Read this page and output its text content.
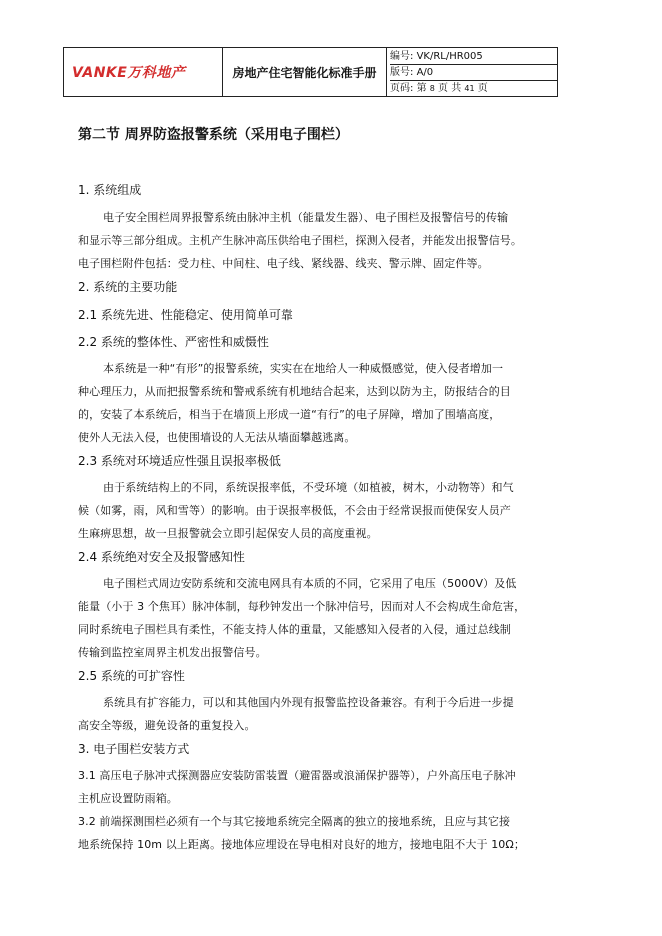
VANKE万科地产	房地产住宅智能化标准手册	
编号: VK/RL/HR005
版号: A/0
页码: 第 8 页 共 41 页
第二节 周界防盗报警系统（采用电子围栏）
1. 系统组成
电子安全围栏周界报警系统由脉冲主机（能量发生器）、电子围栏及报警信号的传输
和显示等三部分组成。主机产生脉冲高压供给电子围栏，探测入侵者，并能发出报警信号。
电子围栏附件包括：受力柱、中间柱、电子线、紧线器、线夹、警示牌、固定件等。
2. 系统的主要功能
2.1 系统先进、性能稳定、使用简单可靠
2.2 系统的整体性、严密性和威慑性
本系统是一种“有形”的报警系统，实实在在地给人一种威慑感觉，使入侵者增加一
种心理压力，从而把报警系统和警戒系统有机地结合起来，达到以防为主，防报结合的目
的，安装了本系统后，相当于在墙顶上形成一道“有行”的电子屏障，增加了围墙高度，
使外人无法入侵，也使围墙设的人无法从墙面攀越逃离。
2.3 系统对环境适应性强且误报率极低
由于系统结构上的不同，系统误报率低，不受环境（如植被，树木，小动物等）和气
候（如雾，雨，风和雪等）的影响。由于误报率极低，不会由于经常误报而使保安人员产
生麻痹思想，故一旦报警就会立即引起保安人员的高度重视。
2.4 系统绝对安全及报警感知性
电子围栏式周边安防系统和交流电网具有本质的不同，它采用了电压（5000V）及低
能量（小于 3 个焦耳）脉冲体制，每秒钟发出一个脉冲信号，因而对人不会构成生命危害，
同时系统电子围栏具有柔性，不能支持人体的重量，又能感知入侵者的入侵，通过总线制
传输到监控室周界主机发出报警信号。
2.5 系统的可扩容性
系统具有扩容能力，可以和其他国内外现有报警监控设备兼容。有利于今后进一步提
高安全等级，避免设备的重复投入。
3. 电子围栏安装方式
3.1 高压电子脉冲式探测器应安装防雷装置（避雷器或浪涌保护器等），户外高压电子脉冲
主机应设置防雨箱。
3.2 前端探测围栏必须有一个与其它接地系统完全隔离的独立的接地系统，且应与其它接
地系统保持 10m 以上距离。接地体应埋设在导电相对良好的地方，接地电阻不大于 10Ω；
